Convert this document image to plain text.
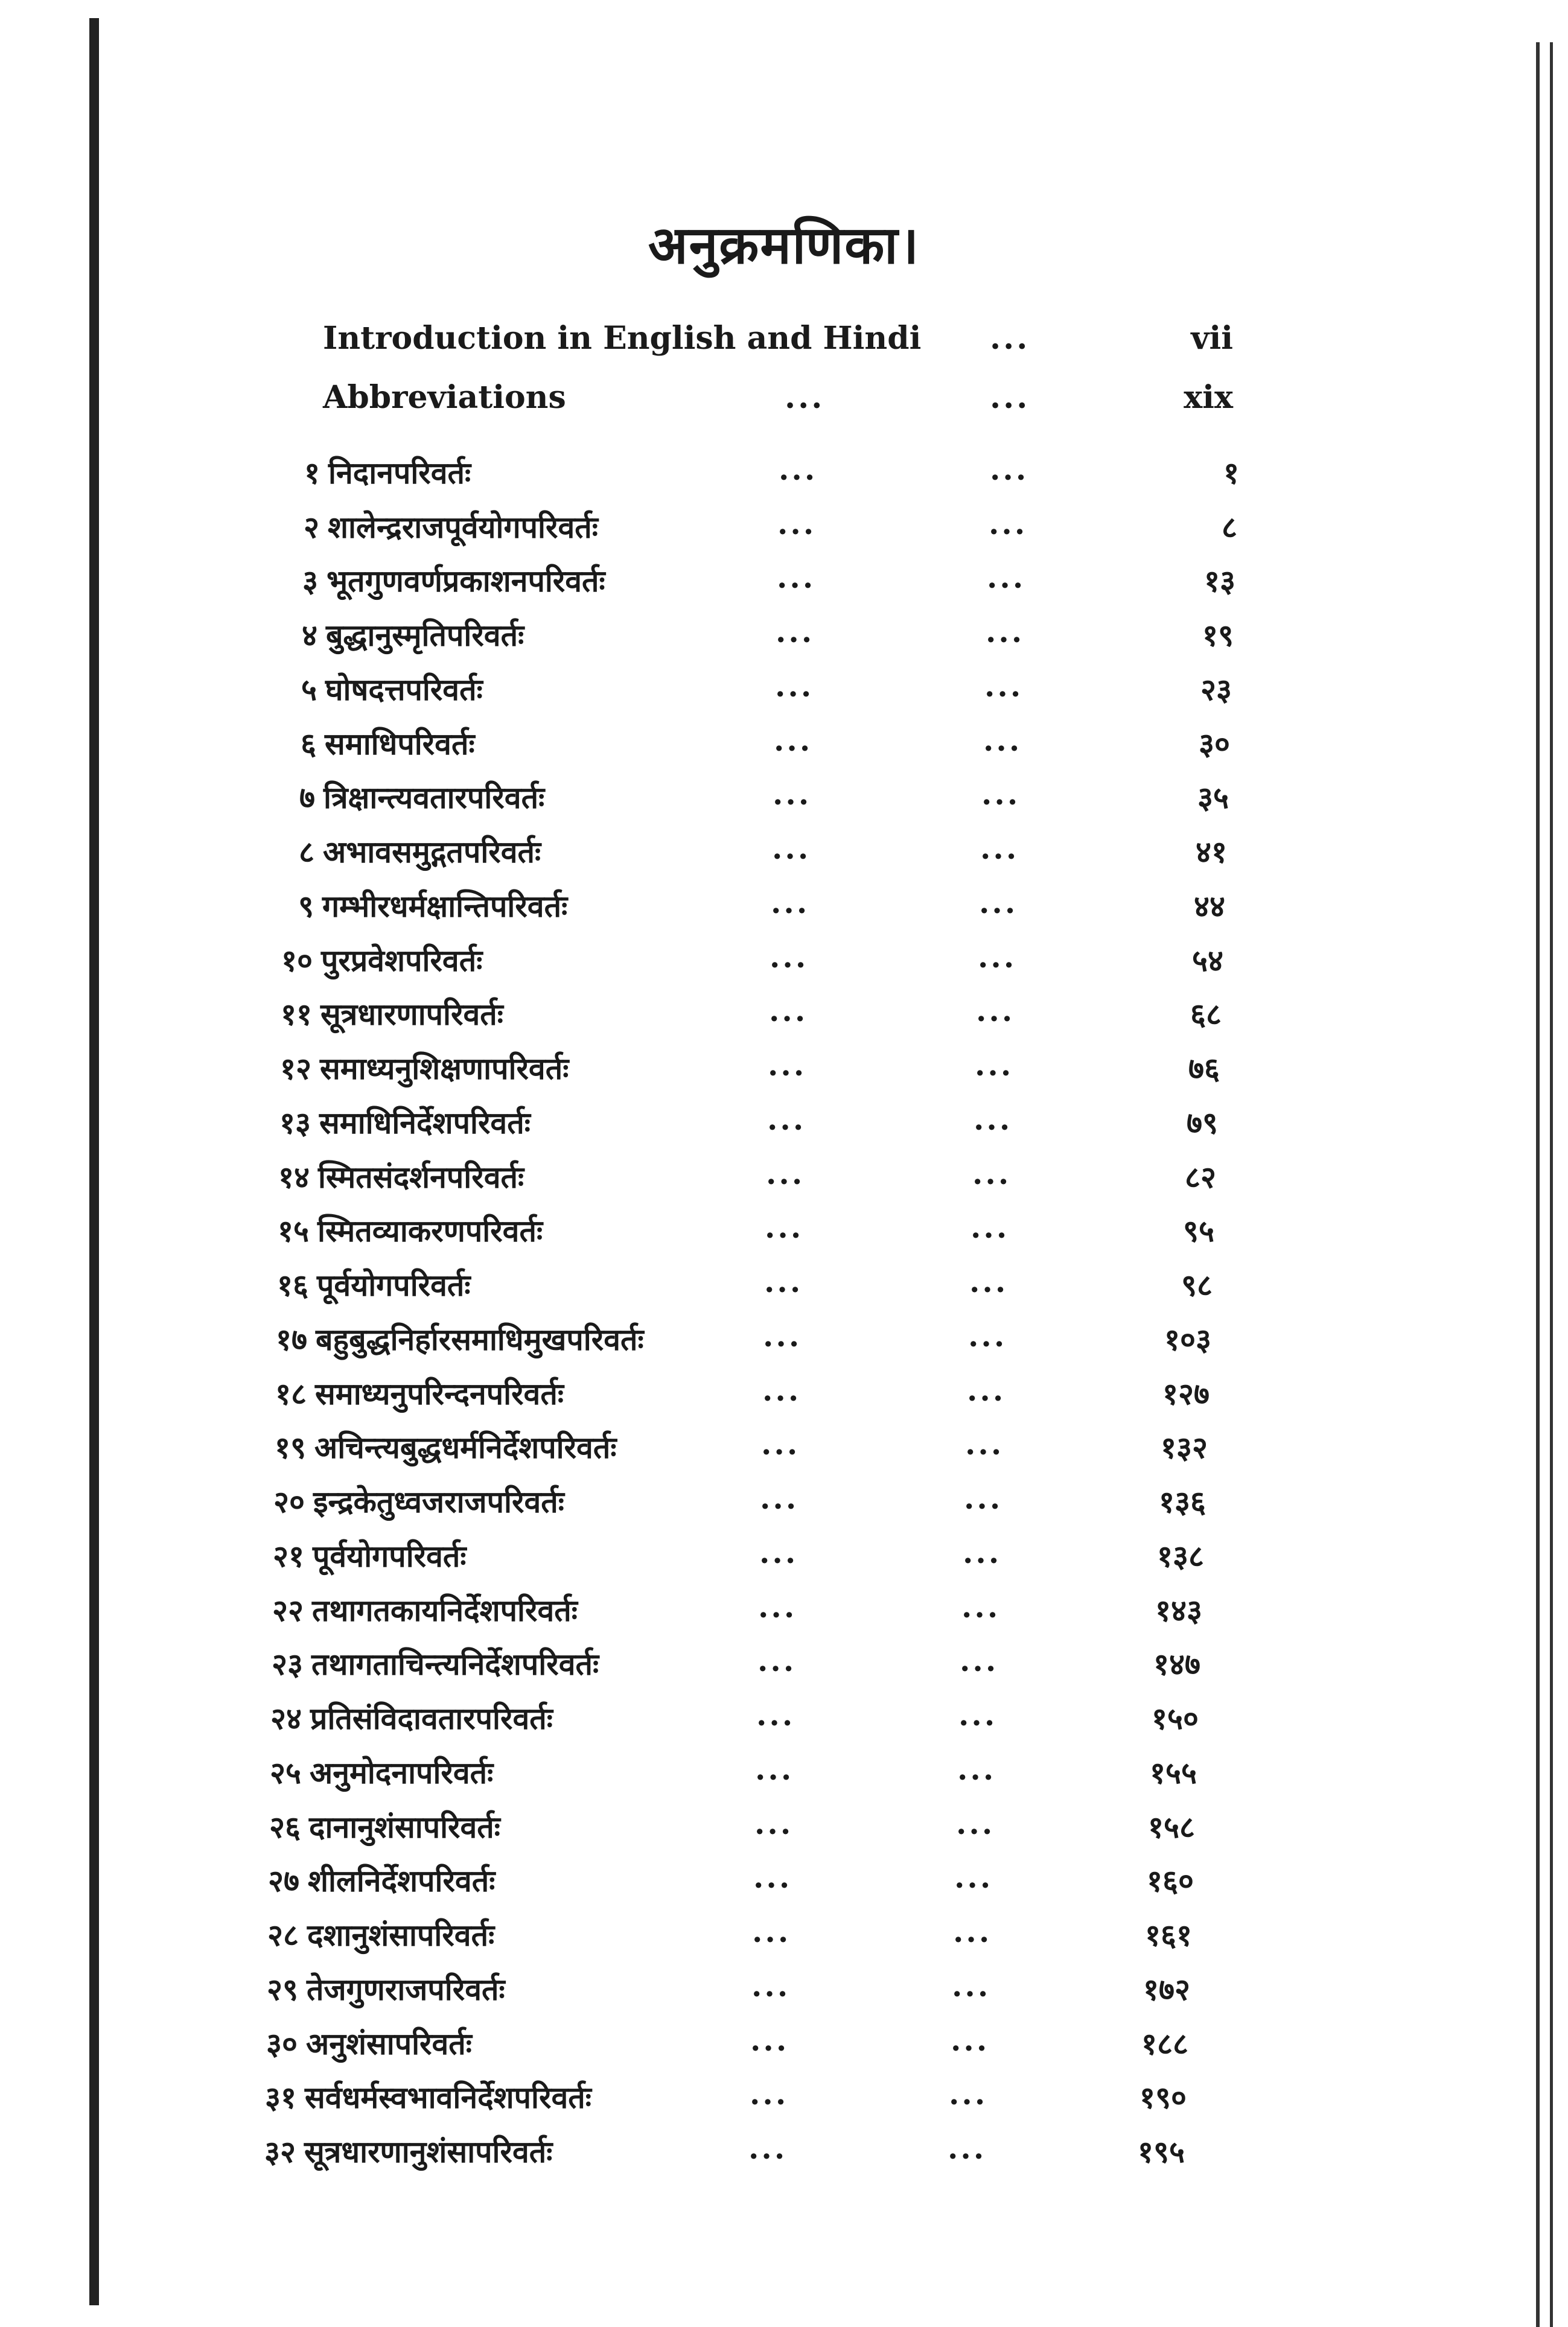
अनुक्रमणिका।
Introduction in English and Hindi ...	vii
Abbreviations	...	...	xix
१ निदानपरिवर्तः	...	...	१
२ शालेन्द्रराजपूर्वयोगपरिवर्तः	...	...	८
३ भूतगुणवर्णप्रकाशनपरिवर्तः	...	...	१३
४ बुद्धानुस्मृतिपरिवर्तः	...	...	१९
५ घोषदत्तपरिवर्तः	...	...	२३
६ समाधिपरिवर्तः	...	...	३०
७ त्रिक्षान्त्यवतारपरिवर्तः	...	...	३५
८ अभावसमुद्गतपरिवर्तः	...	...	४१
९ गम्भीरधर्मक्षान्तिपरिवर्तः	...	...	४४
१० पुरप्रवेशपरिवर्तः	...	...	५४
११ सूत्रधारणापरिवर्तः	...	...	६८
१२ समाध्यनुशिक्षणापरिवर्तः	...	...	७६
१३ समाधिनिर्देशपरिवर्तः	...	...	७९
१४ स्मितसंदर्शनपरिवर्तः	...	...	८२
१५ स्मितव्याकरणपरिवर्तः	...	...	९५
१६ पूर्वयोगपरिवर्तः	...	...	९८
१७ बहुबुद्धनिर्हारसमाधिमुखपरिवर्तः	...	...	१०३
१८ समाध्यनुपरिन्दनपरिवर्तः	...	...	१२७
१९ अचिन्त्यबुद्धधर्मनिर्देशपरिवर्तः	...	...	१३२
२० इन्द्रकेतुध्वजराजपरिवर्तः	...	...	१३६
२१ पूर्वयोगपरिवर्तः	...	...	१३८
२२ तथागतकायनिर्देशपरिवर्तः	...	...	१४३
२३ तथागताचिन्त्यनिर्देशपरिवर्तः	...	...	१४७
२४ प्रतिसंविदावतारपरिवर्तः	...	...	१५०
२५ अनुमोदनापरिवर्तः	...	...	१५५
२६ दानानुशंसापरिवर्तः	...	...	१५८
२७ शीलनिर्देशपरिवर्तः	...	...	१६०
२८ दशानुशंसापरिवर्तः	...	...	१६१
२९ तेजगुणराजपरिवर्तः	...	...	१७२
३० अनुशंसापरिवर्तः	...	...	१८८
३१ सर्वधर्मस्वभावनिर्देशपरिवर्तः	...	...	१९०
३२ सूत्रधारणानुशंसापरिवर्तः	...	...	१९५
